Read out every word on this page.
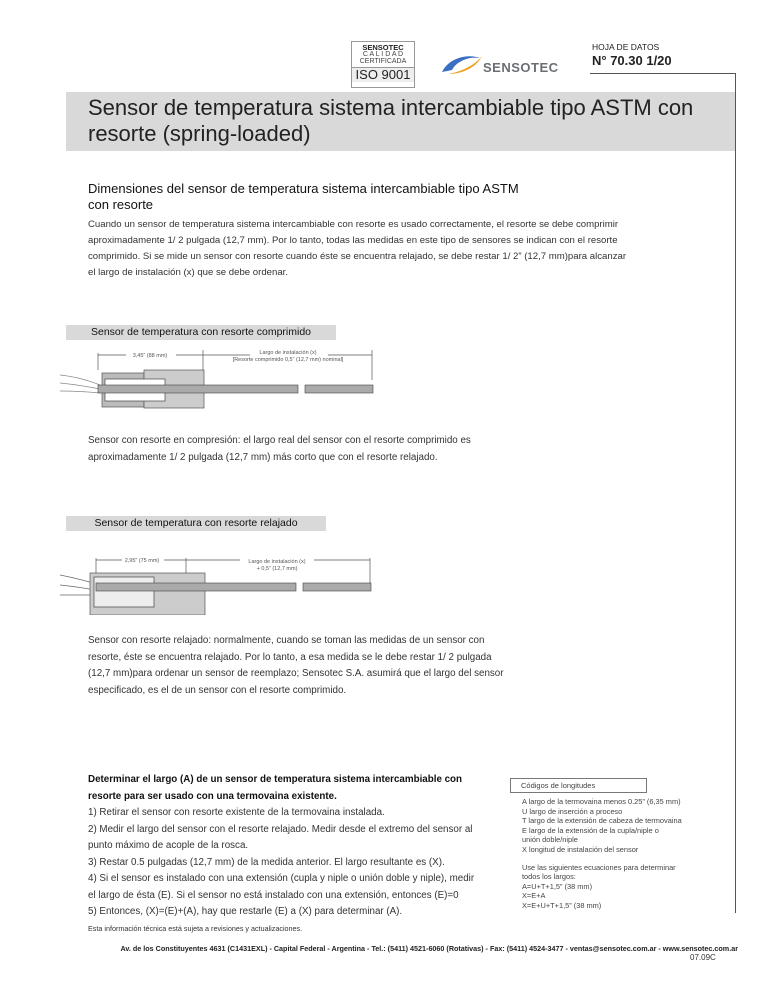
SENSOTEC
C A L I D A D
CERTIFICADA
ISO 9001	SENSOTEC
HOJA DE DATOS
N° 70.30 1/20
Sensor de temperatura sistema intercambiable tipo ASTM con resorte (spring-loaded)
Dimensiones del sensor de temperatura sistema intercambiable tipo ASTM con resorte
Cuando un sensor de temperatura sistema intercambiable con resorte es usado correctamente, el resorte se debe comprimir aproximadamente 1/ 2 pulgada (12,7 mm). Por lo tanto, todas las medidas en este tipo de sensores se indican con el resorte comprimido. Si se mide un sensor con resorte cuando éste se encuentra relajado, se debe restar 1/ 2” (12,7 mm)para alcanzar el largo de instalación (x) que se debe ordenar.
Sensor de temperatura con resorte comprimido
3,45” (88 mm)	Largo de instalación (x)
[Resorte comprimido 0,5” (12,7 mm) nominal]
Sensor con resorte en compresión: el largo real del sensor con el resorte comprimido es aproximadamente 1/ 2 pulgada (12,7 mm) más corto que con el resorte relajado.
Sensor de temperatura con resorte relajado
2,95” (75 mm)	Largo de instalación (x)
+ 0,5” (12,7 mm)
Sensor con resorte relajado: normalmente, cuando se toman las medidas de un sensor con resorte, éste se encuentra relajado. Por lo tanto, a esa medida se le debe restar 1/ 2 pulgada (12,7 mm)para ordenar un sensor de reemplazo; Sensotec S.A. asumirá que el largo del sensor especificado, es el de un sensor con el resorte comprimido.
Determinar el largo (A) de un sensor de temperatura sistema intercambiable con resorte para ser usado con una termovaina existente.
1) Retirar el sensor con resorte existente de la termovaina instalada.
2) Medir el largo del sensor con el resorte relajado. Medir desde el extremo del sensor al punto máximo de acople de la rosca.
3) Restar 0.5 pulgadas (12,7 mm) de la medida anterior. El largo resultante es (X).
4) Si el sensor es instalado con una extensión (cupla y niple o unión doble y niple), medir el largo de ésta (E). Si el sensor no está instalado con una extensión, entonces (E)=0
5) Entonces, (X)=(E)+(A), hay que restarle (E) a (X) para determinar (A).
Códigos de longitudes
A largo de la termovaina menos 0.25” (6,35 mm)
U largo de inserción a proceso
T largo de la extensión de cabeza de termovaina
E largo de la extensión de la cupla/niple o unión doble/niple
X longitud de instalación del sensor
Use las siguientes ecuaciones para determinar todos los largos:
A=U+T+1,5” (38 mm)
X=E+A
X=E+U+T+1,5” (38 mm)
Esta información técnica está sujeta a revisiones y actualizaciones.
Av. de los Constituyentes 4631 (C1431EXL) - Capital Federal - Argentina - Tel.: (5411) 4521-6060 (Rotativas) - Fax: (5411) 4524-3477 - ventas@sensotec.com.ar - www.sensotec.com.ar
07.09C
